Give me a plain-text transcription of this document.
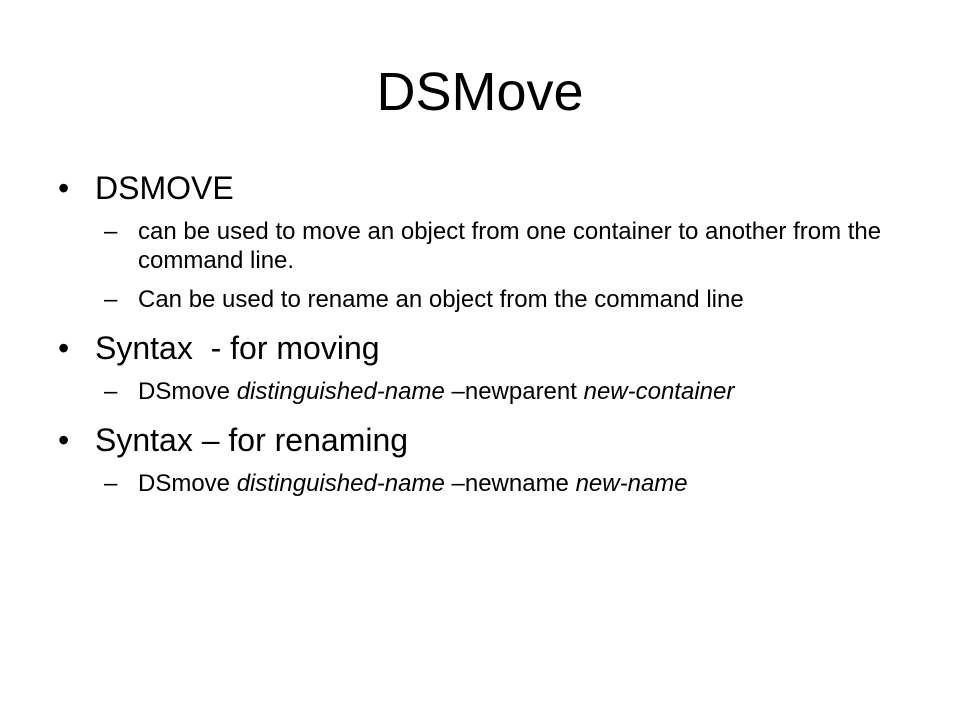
DSMove
• DSMOVE
– can be used to move an object from one container to another from the command line.
– Can be used to rename an object from the command line
• Syntax  - for moving
– DSmove distinguished-name –newparent new-container
• Syntax – for renaming
– DSmove distinguished-name –newname new-name
